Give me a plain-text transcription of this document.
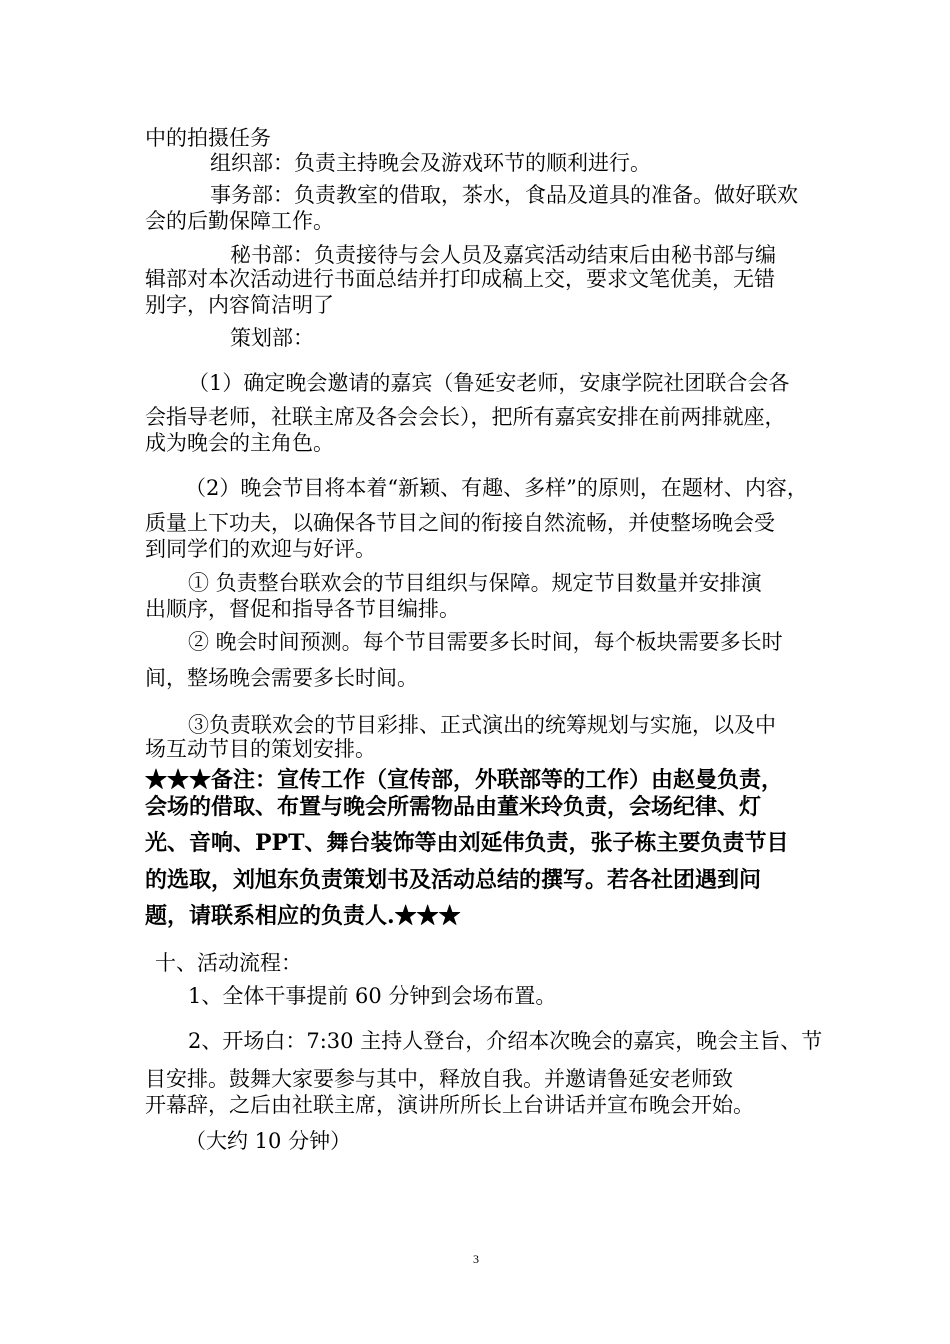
中的拍摄任务
组织部：负责主持晚会及游戏环节的顺利进行。
事务部：负责教室的借取，茶水，食品及道具的准备。做好联欢
会的后勤保障工作。
秘书部：负责接待与会人员及嘉宾活动结束后由秘书部与编
辑部对本次活动进行书面总结并打印成稿上交，要求文笔优美，无错
别字，内容简洁明了
策划部：
（1）确定晚会邀请的嘉宾（鲁延安老师，安康学院社团联合会各
会指导老师，社联主席及各会会长），把所有嘉宾安排在前两排就座，
成为晚会的主角色。
（2）晚会节目将本着“新颖、有趣、多样”的原则，在题材、内容，
质量上下功夫，以确保各节目之间的衔接自然流畅，并使整场晚会受
到同学们的欢迎与好评。
① 负责整台联欢会的节目组织与保障。规定节目数量并安排演
出顺序，督促和指导各节目编排。
② 晚会时间预测。每个节目需要多长时间，每个板块需要多长时
间，整场晚会需要多长时间。
③负责联欢会的节目彩排、正式演出的统筹规划与实施，以及中
场互动节目的策划安排。
★★★备注：宣传工作（宣传部，外联部等的工作）由赵曼负责，
会场的借取、布置与晚会所需物品由董米玲负责，会场纪律、灯
光、音响、PPT、舞台装饰等由刘延伟负责，张子栋主要负责节目
的选取，刘旭东负责策划书及活动总结的撰写。若各社团遇到问
题，请联系相应的负责人.★★★
十、活动流程：
1、全体干事提前 60 分钟到会场布置。
2、开场白：7:30 主持人登台，介绍本次晚会的嘉宾，晚会主旨、节
目安排。鼓舞大家要参与其中，释放自我。并邀请鲁延安老师致
开幕辞，之后由社联主席，演讲所所长上台讲话并宣布晚会开始。
（大约 10 分钟）
3
